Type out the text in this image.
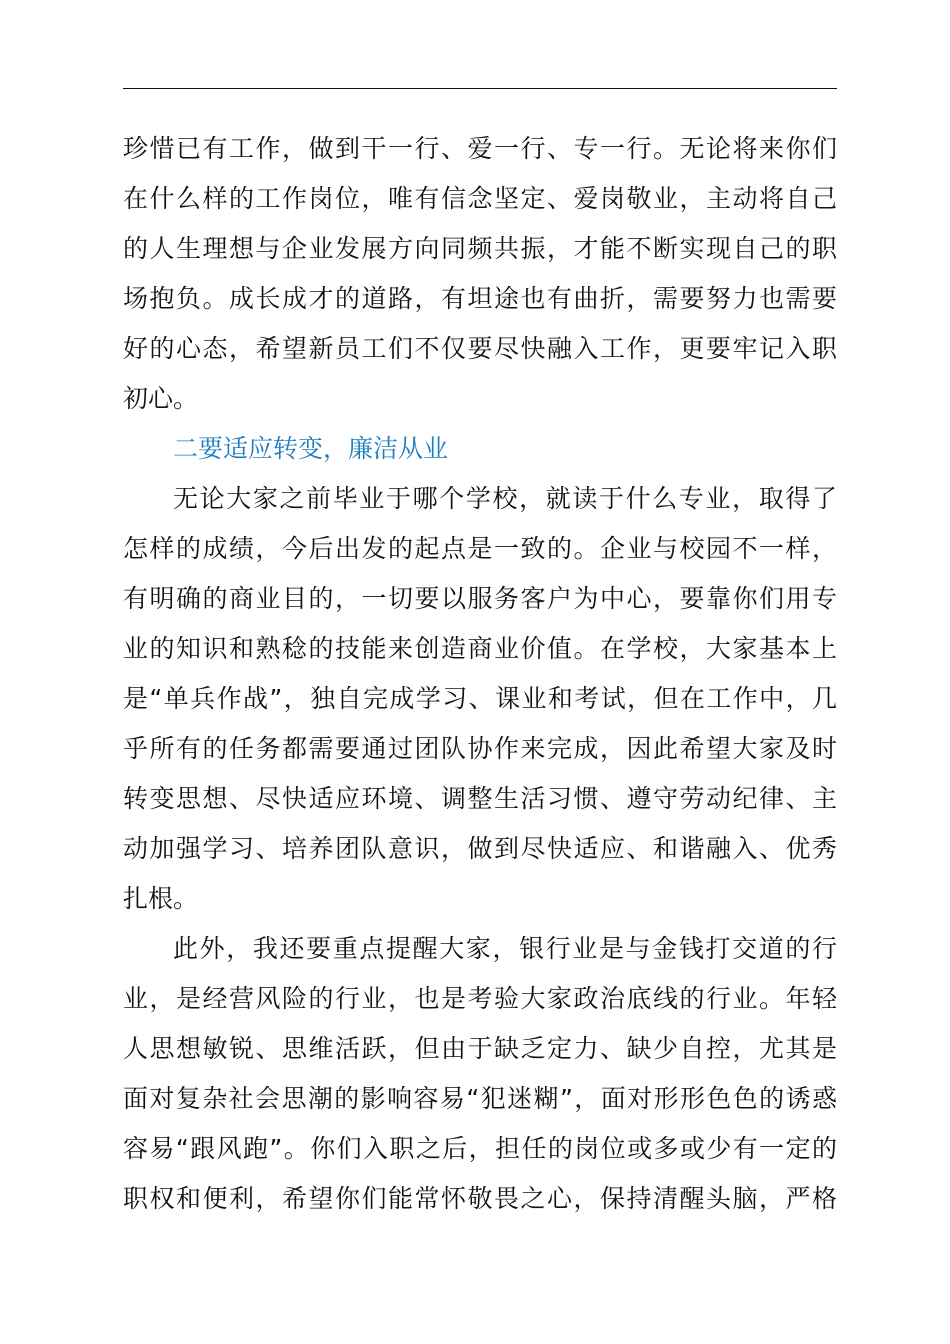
珍惜已有工作，做到干一行、爱一行、专一行。无论将来你们
在什么样的工作岗位，唯有信念坚定、爱岗敬业，主动将自己
的人生理想与企业发展方向同频共振，才能不断实现自己的职
场抱负。成长成才的道路，有坦途也有曲折，需要努力也需要
好的心态，希望新员工们不仅要尽快融入工作，更要牢记入职
初心。
二要适应转变，廉洁从业
无论大家之前毕业于哪个学校，就读于什么专业，取得了
怎样的成绩，今后出发的起点是一致的。企业与校园不一样，
有明确的商业目的，一切要以服务客户为中心，要靠你们用专
业的知识和熟稔的技能来创造商业价值。在学校，大家基本上
是“单兵作战”，独自完成学习、课业和考试，但在工作中，几
乎所有的任务都需要通过团队协作来完成，因此希望大家及时
转变思想、尽快适应环境、调整生活习惯、遵守劳动纪律、主
动加强学习、培养团队意识，做到尽快适应、和谐融入、优秀
扎根。
此外，我还要重点提醒大家，银行业是与金钱打交道的行
业，是经营风险的行业，也是考验大家政治底线的行业。年轻
人思想敏锐、思维活跃，但由于缺乏定力、缺少自控，尤其是
面对复杂社会思潮的影响容易“犯迷糊”，面对形形色色的诱惑
容易“跟风跑”。你们入职之后，担任的岗位或多或少有一定的
职权和便利，希望你们能常怀敬畏之心，保持清醒头脑，严格
